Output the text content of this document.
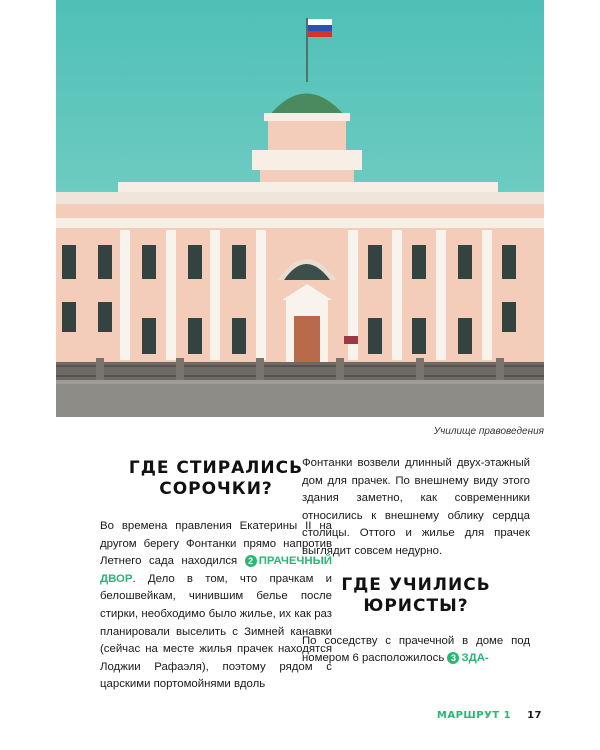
Училище правоведения
ГДЕ СТИРАЛИСЬ СОРОЧКИ?

Во времена правления Екатерины II на другом берегу Фонтанки прямо напротив Летнего сада находился 2 ПРАЧЕЧНЫЙ ДВОР. Дело в том, что прачкам и белошвейкам, чинившим белье после стирки, необходимо было жилье, их как раз планировали выселить с Зимней канавки (сейчас на месте жилья прачек находятся Лоджии Рафаэля), поэтому рядом с царскими портомойнями вдоль

Фонтанки возвели длинный двух-этажный дом для прачек. По внешнему виду этого здания заметно, как современники относились к внешнему облику сердца столицы. Оттого и жилье для прачек выглядит совсем недурно.

ГДЕ УЧИЛИСЬ ЮРИСТЫ?

По соседству с прачечной в доме под номером 6 расположилось 3 ЗДА-

МАРШРУТ 1 17
